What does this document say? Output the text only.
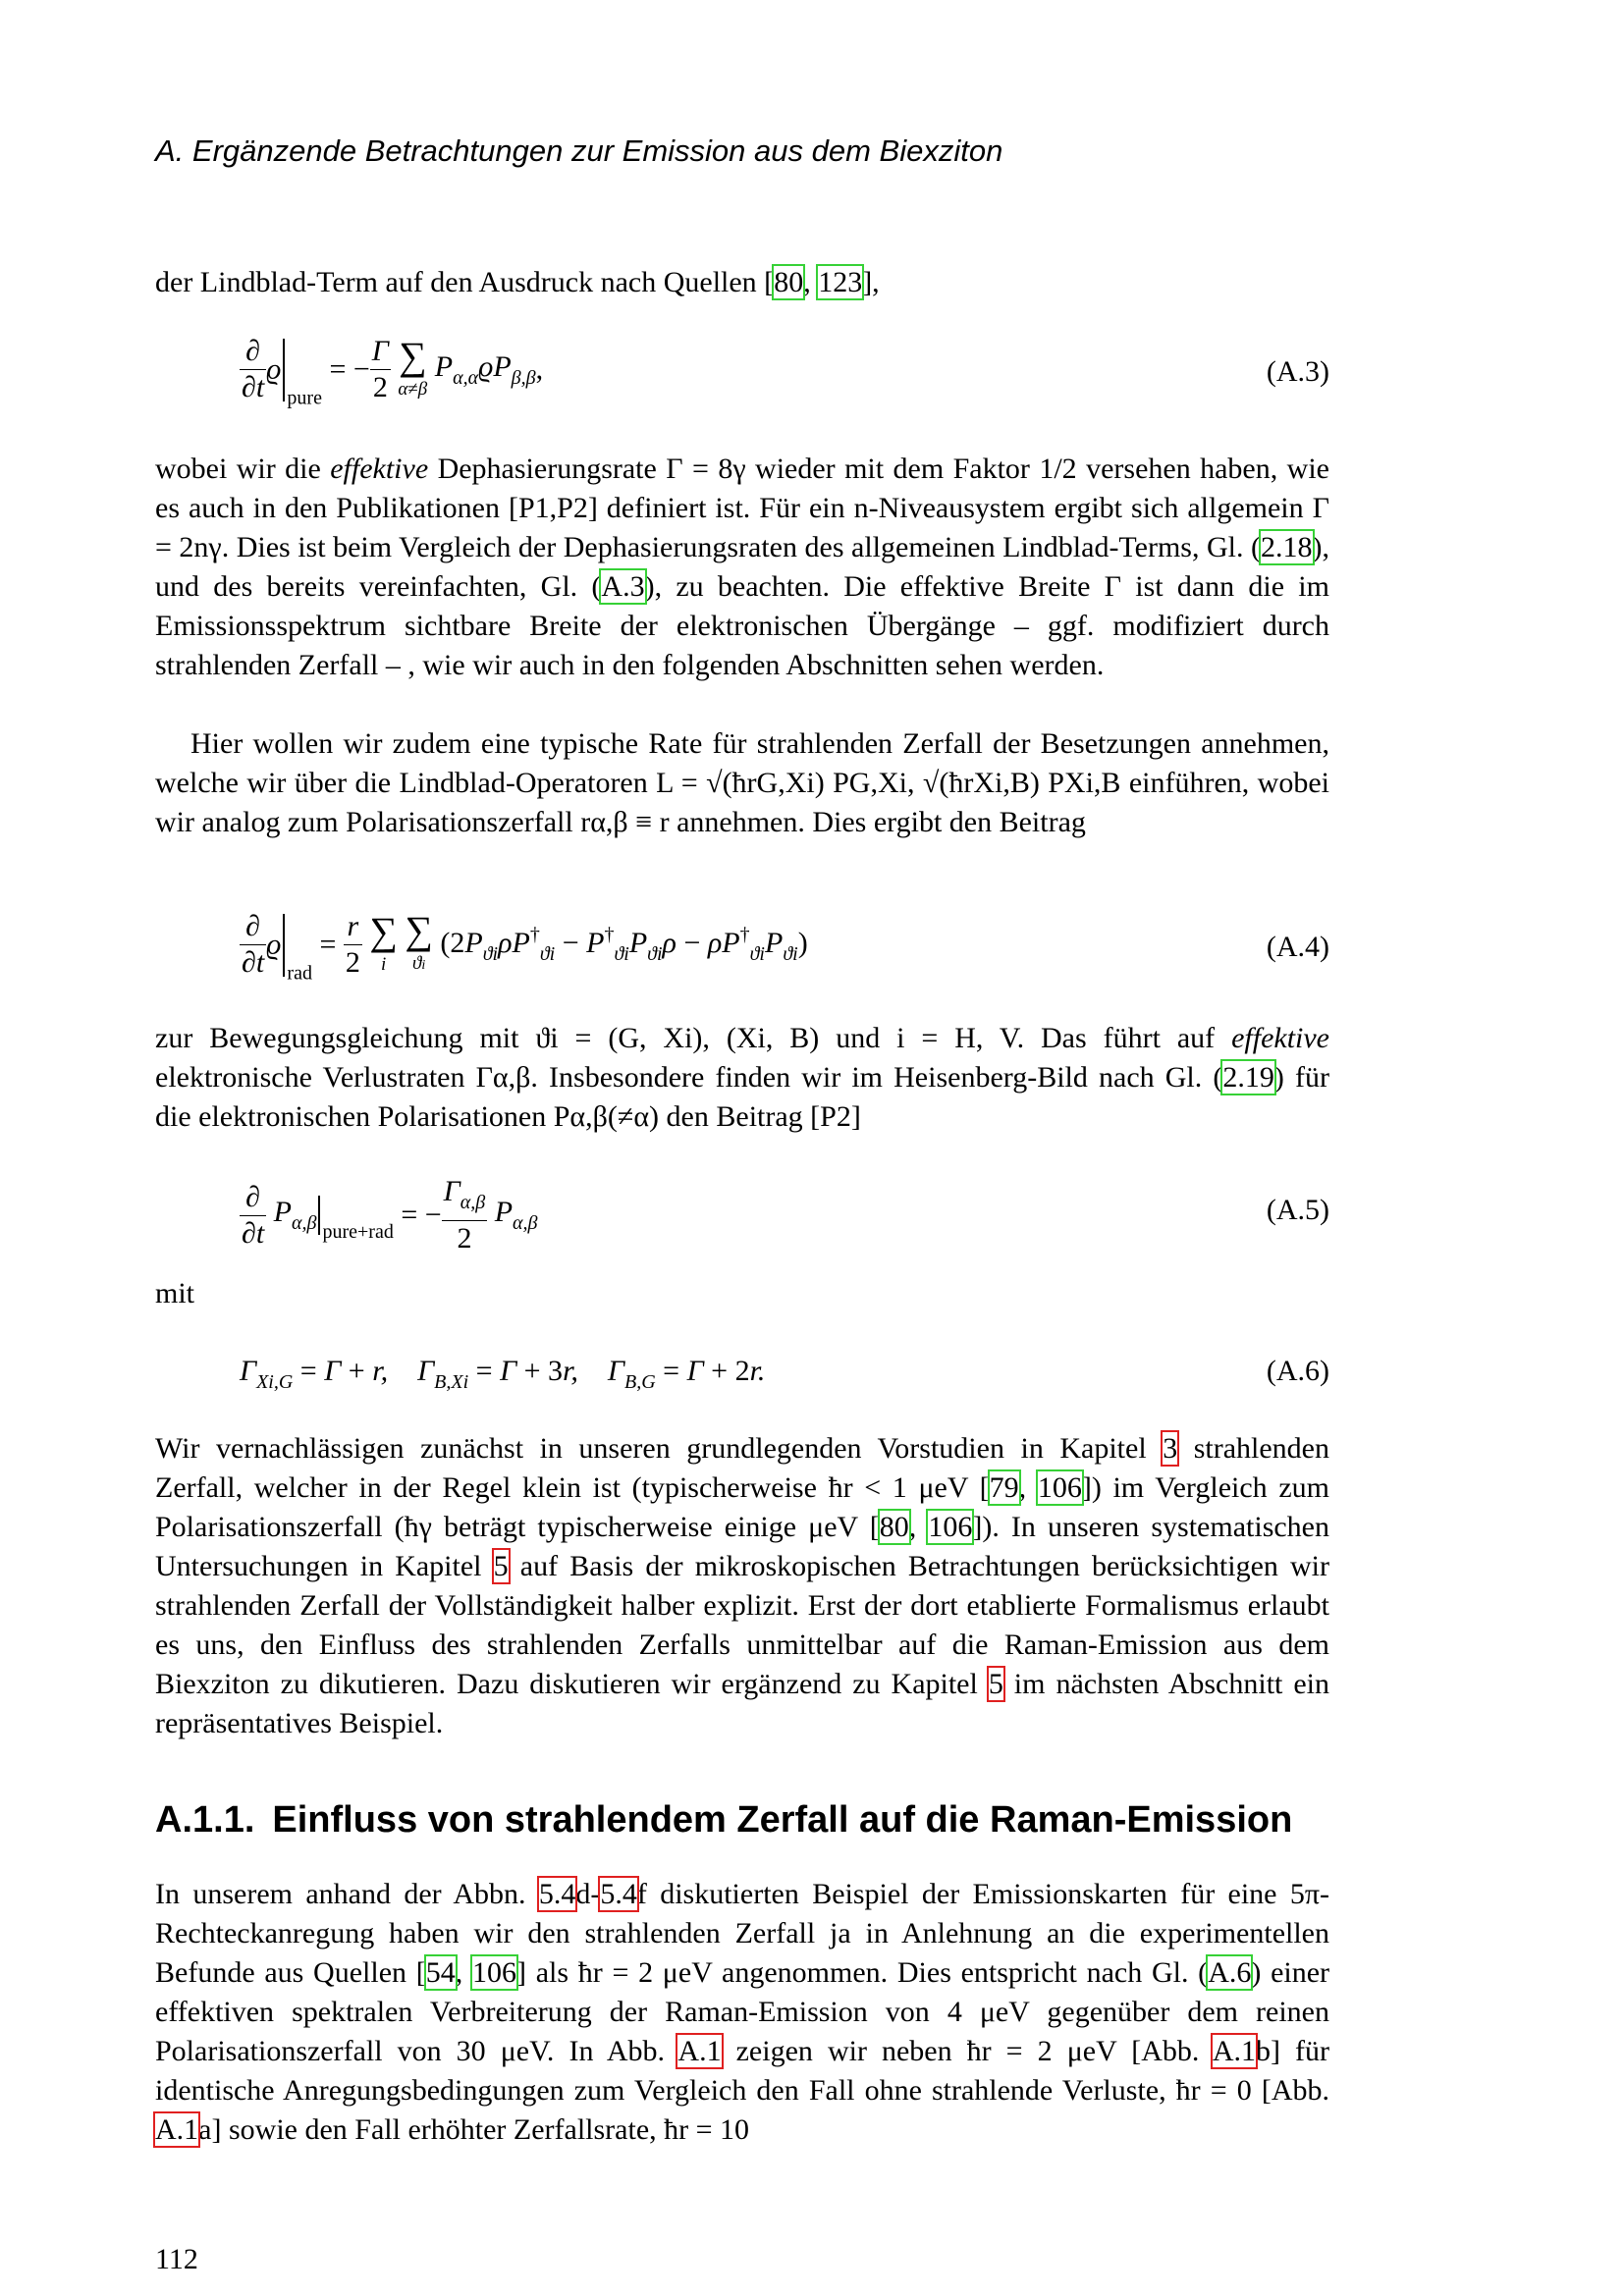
A. Ergänzende Betrachtungen zur Emission aus dem Biexziton

der Lindblad-Term auf den Ausdruck nach Quellen [80, 123],

$\frac{\partial}{\partial t} ϱ_{pure}$ = − $\frac{\Gamma}{2}$
∑
α≠β
$P_{\alpha,\alpha}ϱP_{\beta,\beta}$,	(A.3)

wobei wir die effektive Dephasierungsrate Γ = 8γ wieder mit dem Faktor 1/2 versehen haben, wie es auch in den Publikationen [P1,P2] definiert ist. Für ein n-Niveausystem ergibt sich allgemein Γ = 2nγ. Dies ist beim Vergleich der Dephasierungsraten des allgemeinen Lindblad-Terms, Gl. (2.18), und des bereits vereinfachten, Gl. (A.3), zu beachten. Die effektive Breite Γ ist dann die im Emissionsspektrum sichtbare Breite der elektronischen Übergänge – ggf. modifiziert durch strahlenden Zerfall – , wie wir auch in den folgenden Abschnitten sehen werden.

Hier wollen wir zudem eine typische Rate für strahlenden Zerfall der Besetzungen annehmen, welche wir über die Lindblad-Operatoren L = √(ħrG,Xi) PG,Xi, √(ħrXi,B) PXi,B einführen, wobei wir analog zum Polarisationszerfall rα,β ≡ r annehmen. Dies ergibt den Beitrag

$\frac{\partial}{\partial t} ϱ_{rad} = \frac{r}{2}$
∑
i

∑
ϑi
$(2P_{ϑi}\rho P^\dagger_{ϑi} - P^\dagger_{ϑi}P_{ϑi}\rho - \rho P^\dagger_{ϑi}P_{ϑi})$	(A.4)

zur Bewegungsgleichung mit ϑi = (G, Xi), (Xi, B) und i = H, V. Das führt auf effektive elektronische Verlustraten Γα,β. Insbesondere finden wir im Heisenberg-Bild nach Gl. (2.19) für die elektronischen Polarisationen Pα,β(≠α) den Beitrag [P2]

$\frac{\partial}{\partial t} P_{\alpha,\beta}$ $_{pure+rad}$ = − $\frac{\Gamma_{\alpha,\beta}}{2} P_{\alpha,\beta}$	(A.5)

mit

$\Gamma_{Xi,G} = \Gamma + r$,    $\Gamma_{B,Xi} = \Gamma + 3r$,    $\Gamma_{B,G} = \Gamma + 2r$.	(A.6)

Wir vernachlässigen zunächst in unseren grundlegenden Vorstudien in Kapitel 3 strahlenden Zerfall, welcher in der Regel klein ist (typischerweise ħr < 1 μeV [79, 106]) im Vergleich zum Polarisationszerfall (ħγ beträgt typischerweise einige μeV [80, 106]). In unseren systematischen Untersuchungen in Kapitel 5 auf Basis der mikroskopischen Betrachtungen berücksichtigen wir strahlenden Zerfall der Vollständigkeit halber explizit. Erst der dort etablierte Formalismus erlaubt es uns, den Einfluss des strahlenden Zerfalls unmittelbar auf die Raman-Emission aus dem Biexziton zu dikutieren. Dazu diskutieren wir ergänzend zu Kapitel 5 im nächsten Abschnitt ein repräsentatives Beispiel.

A.1.1. Einfluss von strahlendem Zerfall auf die Raman-Emission

In unserem anhand der Abbn. 5.4d-5.4f diskutierten Beispiel der Emissionskarten für eine 5π-Rechteckanregung haben wir den strahlenden Zerfall ja in Anlehnung an die experimentellen Befunde aus Quellen [54, 106] als ħr = 2 μeV angenommen. Dies entspricht nach Gl. (A.6) einer effektiven spektralen Verbreiterung der Raman-Emission von 4 μeV gegenüber dem reinen Polarisationszerfall von 30 μeV. In Abb. A.1 zeigen wir neben ħr = 2 μeV [Abb. A.1b] für identische Anregungsbedingungen zum Vergleich den Fall ohne strahlende Verluste, ħr = 0 [Abb. A.1a] sowie den Fall erhöhter Zerfallsrate, ħr = 10

112
